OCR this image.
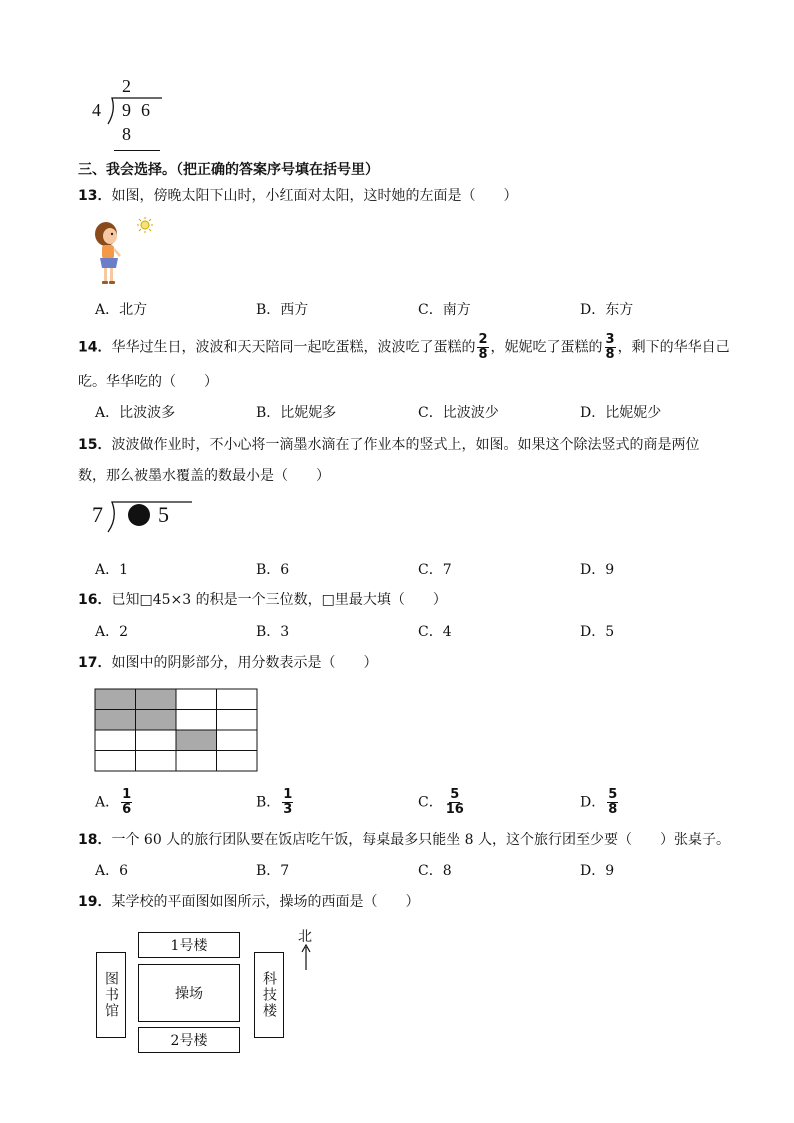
2
4 9 6
8
三、我会选择。（把正确的答案序号填在括号里）
13．如图，傍晚太阳下山时，小红面对太阳，这时她的左面是（　　）
A．北方	B．西方	C．南方	D．东方
14．华华过生日，波波和天天陪同一起吃蛋糕，波波吃了蛋糕的 $\frac{2}{8}$ ，妮妮吃了蛋糕的 $\frac{3}{8}$ ，剩下的华华自己
吃。华华吃的（　　）
A．比波波多	B．比妮妮多	C．比波波少	D．比妮妮少
15．波波做作业时，不小心将一滴墨水滴在了作业本的竖式上，如图。如果这个除法竖式的商是两位
数，那么被墨水覆盖的数最小是（　　）
7	5
A．1	B．6	C．7	D．9
16．已知□45×3 的积是一个三位数，□里最大填（　　）
A．2	B．3	C．4	D．5
17．如图中的阴影部分，用分数表示是（　　）
A． $\frac{1}{6}$	B． $\frac{1}{3}$	C． $\frac{5}{16}$	D． $\frac{5}{8}$
18．一个 60 人的旅行团队要在饭店吃午饭，每桌最多只能坐 8 人，这个旅行团至少要（　　）张桌子。
A．6	B．7	C．8	D．9
19．某学校的平面图如图所示，操场的西面是（　　）
1号楼
操场
2号楼
图书馆	科技楼
北
